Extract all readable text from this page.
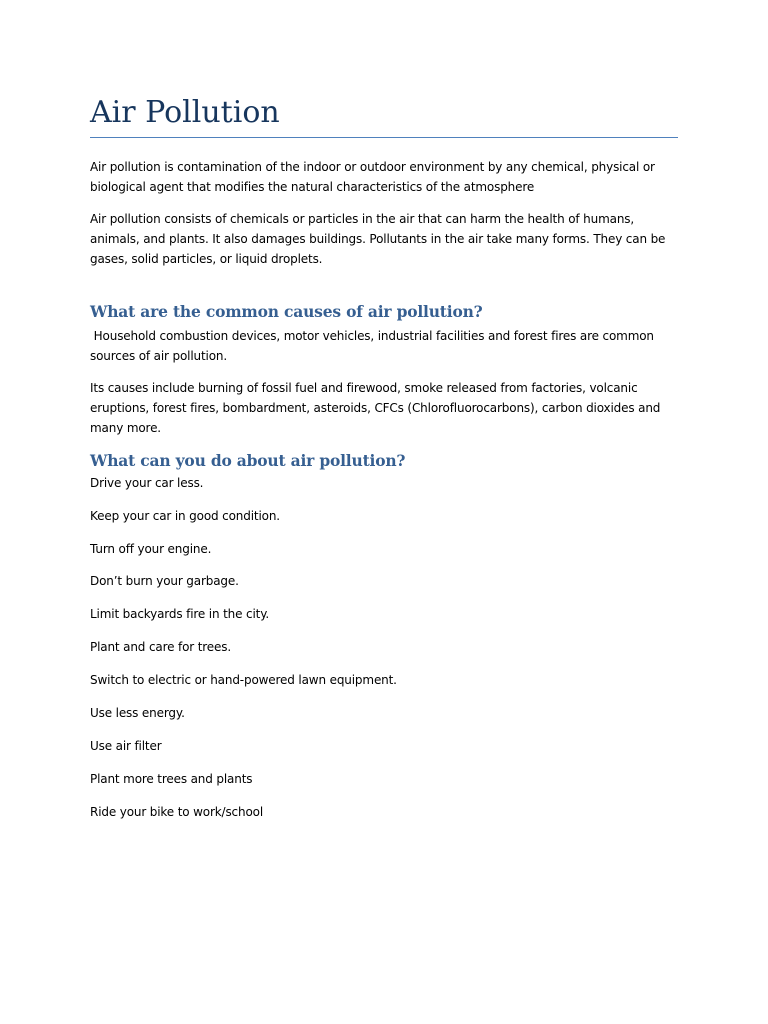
Air Pollution

Air pollution is contamination of the indoor or outdoor environment by any chemical, physical or biological agent that modifies the natural characteristics of the atmosphere

Air pollution consists of chemicals or particles in the air that can harm the health of humans, animals, and plants. It also damages buildings. Pollutants in the air take many forms. They can be gases, solid particles, or liquid droplets.

What are the common causes of air pollution?

Household combustion devices, motor vehicles, industrial facilities and forest fires are common sources of air pollution.

Its causes include burning of fossil fuel and firewood, smoke released from factories, volcanic eruptions, forest fires, bombardment, asteroids, CFCs (Chlorofluorocarbons), carbon dioxides and many more.

What can you do about air pollution?

Drive your car less.

Keep your car in good condition.

Turn off your engine.

Don’t burn your garbage.

Limit backyards fire in the city.

Plant and care for trees.

Switch to electric or hand-powered lawn equipment.

Use less energy.

Use air filter

Plant more trees and plants

Ride your bike to work/school
